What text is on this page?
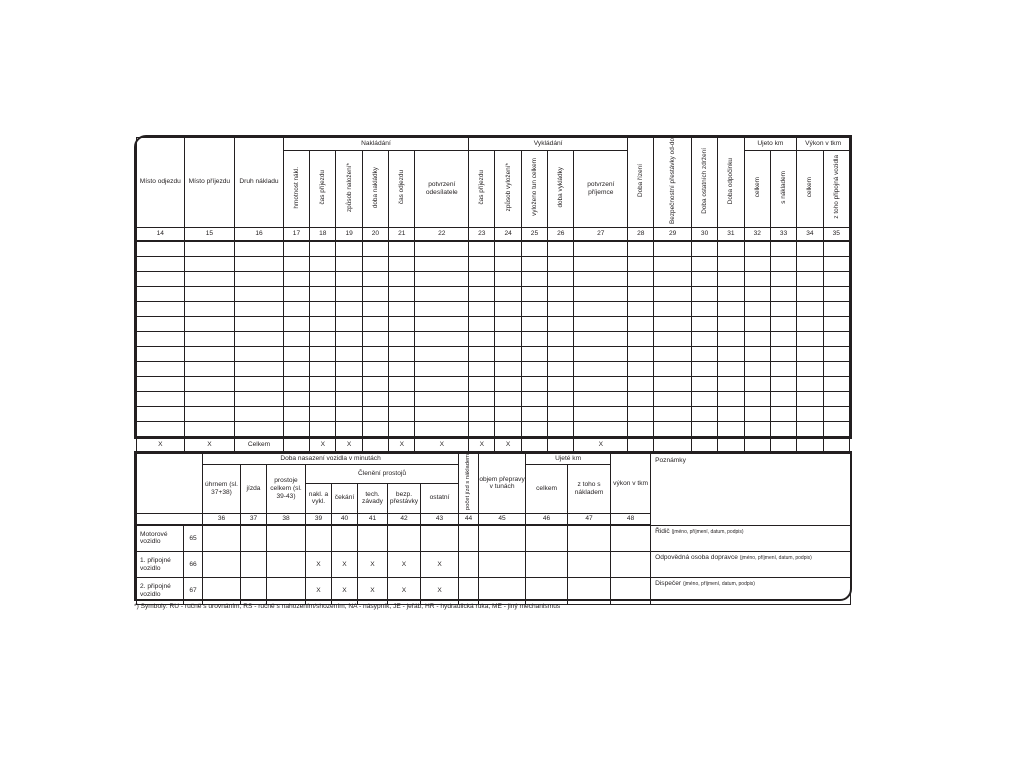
Místo odjezdu	Místo příjezdu	Druh nákladu	Nakládání						Vykládání					Doba řízení	Bezpečnostní přestávky od-do	Doba ostatních zdržení	Doba odpočinku	Ujeto km		Výkon v tkm	
			hmotnost nákl.	čas příjezdu	způsob naložení*	doba nakládky	čas odjezdu	potvrzení odesílatele	čas příjezdu	způsob vyložení*	vyloženo tun celkem	doba vykládky	potvrzení příjemce					celkem	s nákladem	celkem	z toho připojná vozidla
14	15	16	17	18	19	20	21	22	23	24	25	26	27	28	29	30	31	32	33	34	35

X	X	Celkem		X	X		X	X	X	X			X								
		Doba nasazení vozidla v minutách								počet jízd s nákladem	objem přepravy v tunách	Ujeté km		výkon v tkm	Poznámky
		úhrnem (sl. 37+38)	jízda	prostoje celkem (sl. 39-43)	Členění prostojů							celkem	z toho s nákladem		
					nakl. a vykl.	čekání	tech. závady	bezp. přestávky	ostatní						
		36	37	38	39	40	41	42	43	44	45	46	47	48	

Motorové vozidlo	65														Řidič (jméno, příjmení, datum, podpis)
1. připojné vozidlo	66				X	X	X	X	X						Odpovědná osoba dopravce (jméno, příjmení, datum, podpis)
2. připojné vozidlo	67				X	X	X	X	X						Dispečer (jméno, příjmení, datum, podpis)
*) Symboly: RU - ručně s urovnáním, RS - ručně s nahozením/shozením, NA - násypník, JE - jeřáb, HR - hydraulická ruka, ME - jiný mechanismus
